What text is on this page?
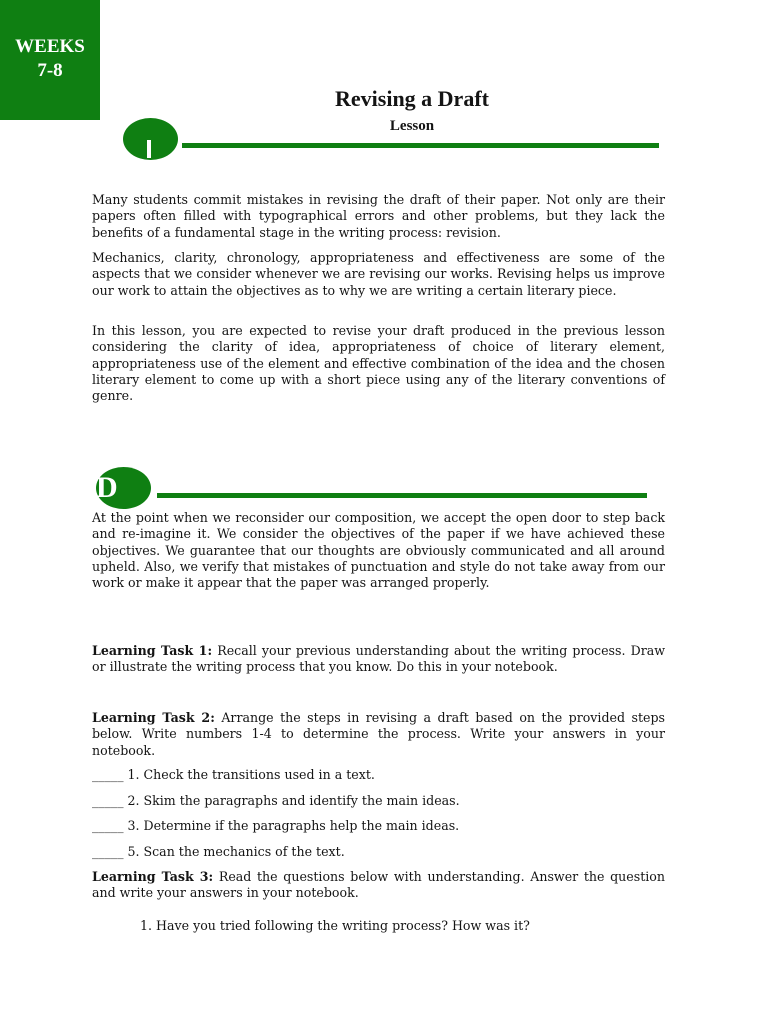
WEEKS
7-8
Revising a Draft
Lesson

Many students commit mistakes in revising the draft of their paper. Not only are their papers often filled with typographical errors and other problems, but they lack the benefits of a fundamental stage in the writing process: revision.

Mechanics, clarity, chronology, appropriateness and effectiveness are some of the aspects that we consider whenever we are revising our works. Revising helps us improve our work to attain the objectives as to why we are writing a certain literary piece.

In this lesson, you are expected to revise your draft produced in the previous lesson considering the clarity of idea, appropriateness of choice of literary element, appropriateness use of the element and effective combination of the idea and the chosen literary element to come up with a short piece using any of the literary conventions of genre.

D

At the point when we reconsider our composition, we accept the open door to step back and re-imagine it. We consider the objectives of the paper if we have achieved these objectives. We guarantee that our thoughts are obviously communicated and all around upheld. Also, we verify that mistakes of punctuation and style do not take away from our work or make it appear that the paper was arranged properly.

Learning Task 1: Recall your previous understanding about the writing process. Draw or illustrate the writing process that you know. Do this in your notebook.

Learning Task 2: Arrange the steps in revising a draft based on the provided steps below. Write numbers 1-4 to determine the process. Write your answers in your notebook.

_____ 1. Check the transitions used in a text.

_____ 2. Skim the paragraphs and identify the main ideas.

_____ 3. Determine if the paragraphs help the main ideas.

_____ 5. Scan the mechanics of the text.

Learning Task 3: Read the questions below with understanding. Answer the question and write your answers in your notebook.

1. Have you tried following the writing process? How was it?
